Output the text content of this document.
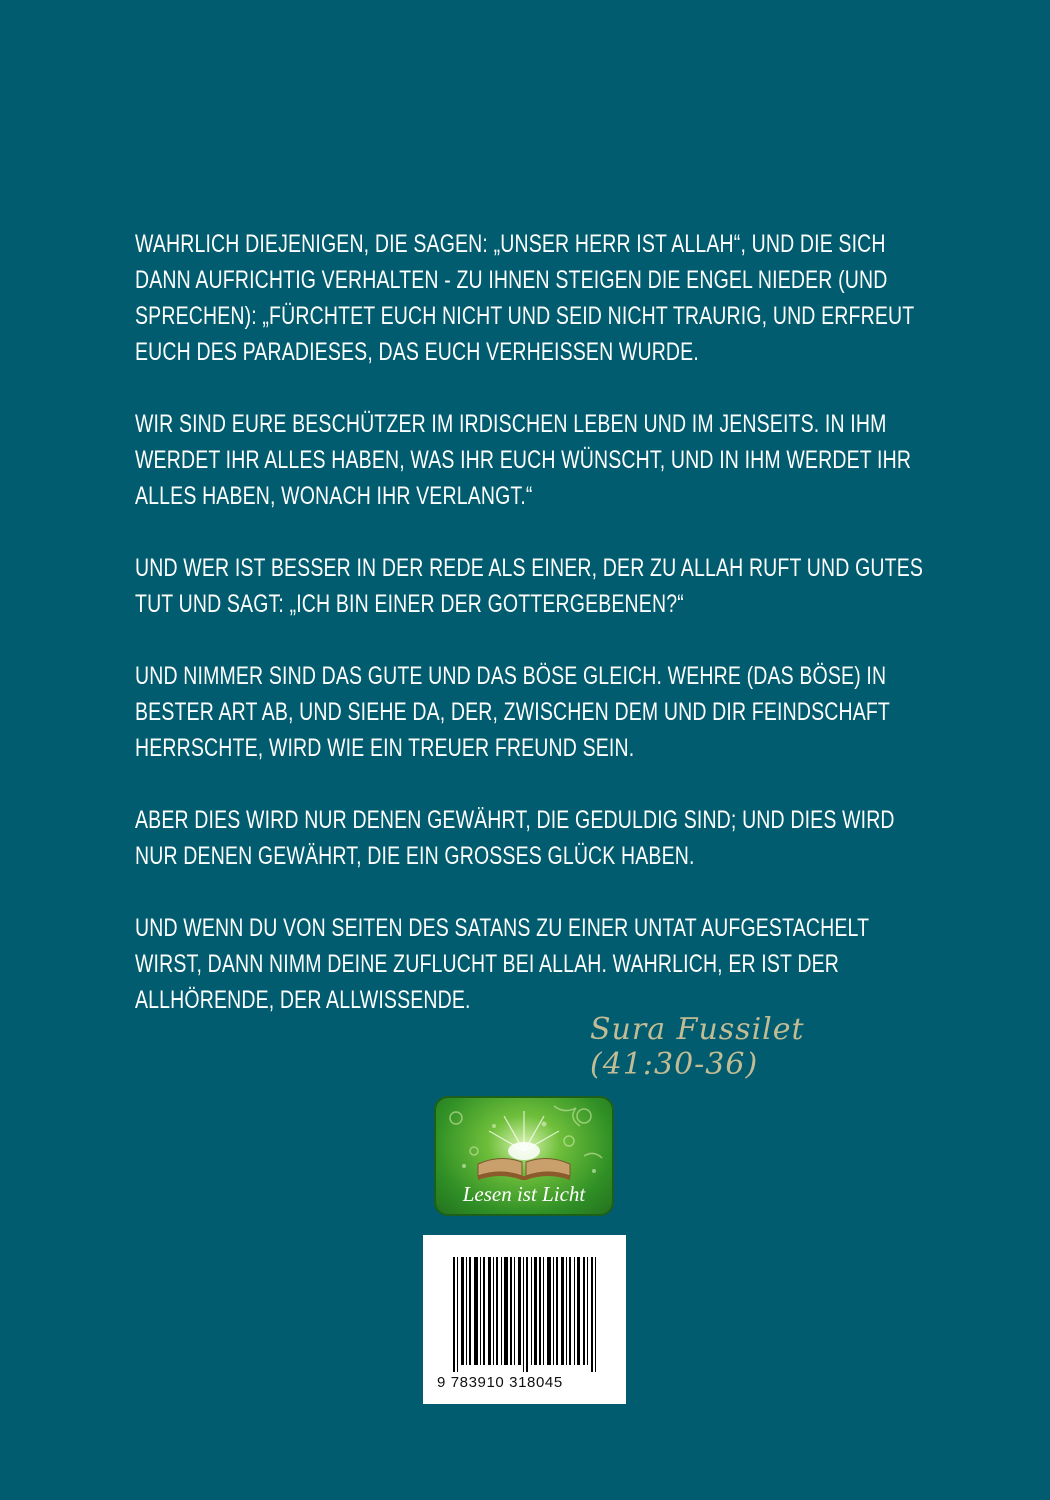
WAHRLICH DIEJENIGEN, DIE SAGEN: „UNSER HERR IST ALLAH“, UND DIE SICH DANN AUFRICHTIG VERHALTEN - ZU IHNEN STEIGEN DIE ENGEL NIEDER (UND SPRECHEN): „FÜRCHTET EUCH NICHT UND SEID NICHT TRAURIG, UND ERFREUT EUCH DES PARADIESES, DAS EUCH VERHEISSEN WURDE.

WIR SIND EURE BESCHÜTZER IM IRDISCHEN LEBEN UND IM JENSEITS. IN IHM WERDET IHR ALLES HABEN, WAS IHR EUCH WÜNSCHT, UND IN IHM WERDET IHR ALLES HABEN, WONACH IHR VERLANGT.“

UND WER IST BESSER IN DER REDE ALS EINER, DER ZU ALLAH RUFT UND GUTES TUT UND SAGT: „ICH BIN EINER DER GOTTERGEBENEN?“

UND NIMMER SIND DAS GUTE UND DAS BÖSE GLEICH. WEHRE (DAS BÖSE) IN BESTER ART AB, UND SIEHE DA, DER, ZWISCHEN DEM UND DIR FEINDSCHAFT HERRSCHTE, WIRD WIE EIN TREUER FREUND SEIN.

ABER DIES WIRD NUR DENEN GEWÄHRT, DIE GEDULDIG SIND; UND DIES WIRD NUR DENEN GEWÄHRT, DIE EIN GROSSES GLÜCK HABEN.

UND WENN DU VON SEITEN DES SATANS ZU EINER UNTAT AUFGESTACHELT WIRST, DANN NIMM DEINE ZUFLUCHT BEI ALLAH. WAHRLICH, ER IST DER ALLHÖRENDE, DER ALLWISSENDE.

Sura Fussilet (41:30-36)
Lesen ist Licht
9 783910 318045
